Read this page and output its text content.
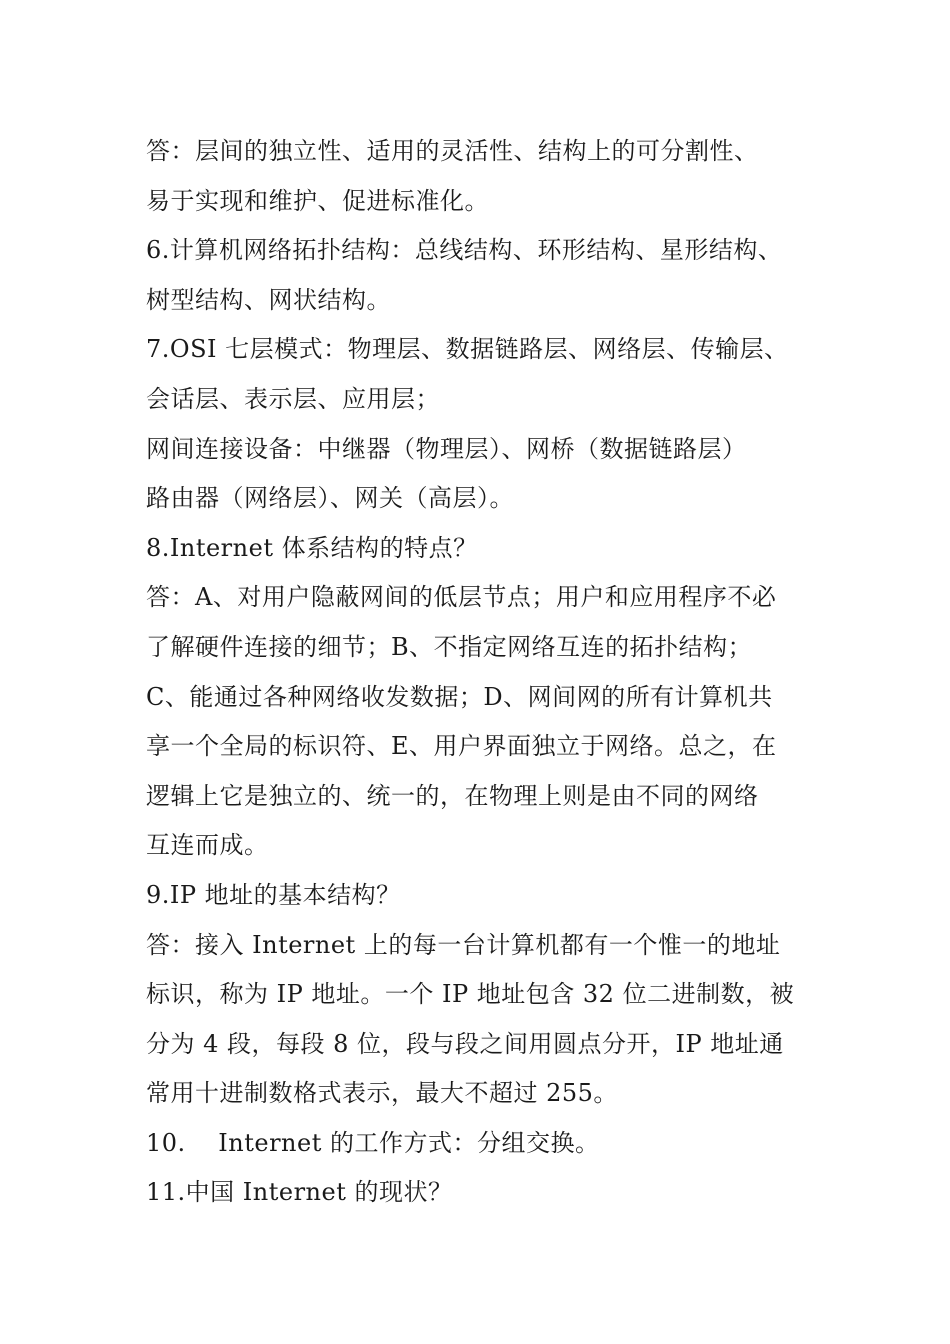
答：层间的独立性、适用的灵活性、结构上的可分割性、
易于实现和维护、促进标准化。
6.计算机网络拓扑结构：总线结构、环形结构、星形结构、
树型结构、网状结构。
7.OSI 七层模式：物理层、数据链路层、网络层、传输层、
会话层、表示层、应用层；
网间连接设备：中继器（物理层）、网桥（数据链路层）
路由器（网络层）、网关（高层）。
8.Internet 体系结构的特点？
答：A、对用户隐蔽网间的低层节点；用户和应用程序不必
了解硬件连接的细节；B、不指定网络互连的拓扑结构；
C、能通过各种网络收发数据；D、网间网的所有计算机共
享一个全局的标识符、E、用户界面独立于网络。总之，在
逻辑上它是独立的、统一的，在物理上则是由不同的网络
互连而成。
9.IP 地址的基本结构？
答：接入 Internet 上的每一台计算机都有一个惟一的地址
标识，称为 IP 地址。一个 IP 地址包含 32 位二进制数，被
分为 4 段，每段 8 位，段与段之间用圆点分开，IP 地址通
常用十进制数格式表示，最大不超过 255。
10.　 Internet 的工作方式：分组交换。
11.中国 Internet 的现状？
